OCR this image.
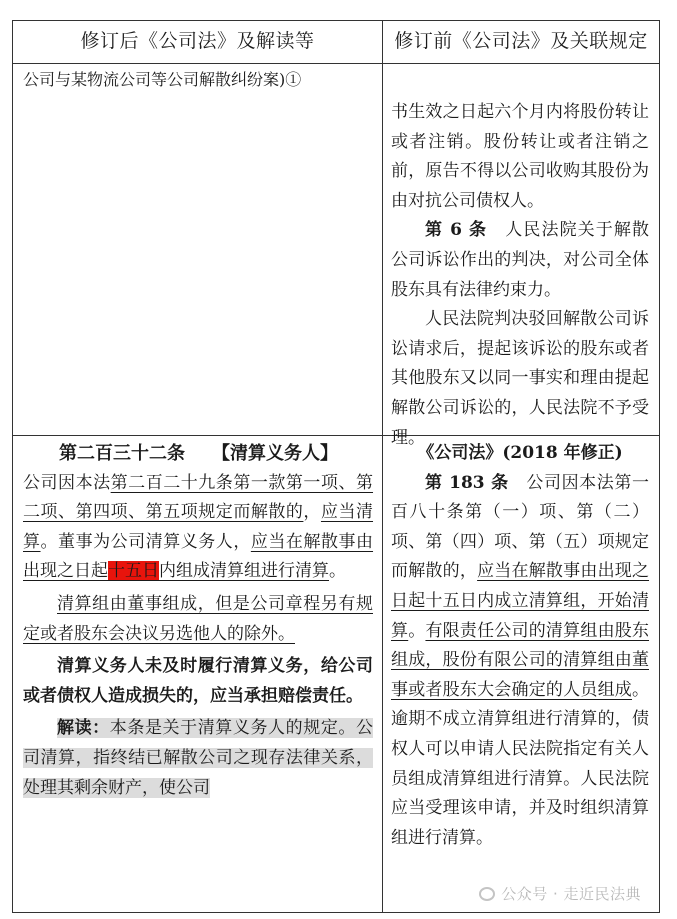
修订后《公司法》及解读等	修订前《公司法》及关联规定

公司与某物流公司等公司解散纠纷案)①

书生效之日起六个月内将股份转让或者注销。股份转让或者注销之前，原告不得以公司收购其股份为由对抗公司债权人。

第 6 条　 人民法院关于解散公司诉讼作出的判决，对公司全体股东具有法律约束力。

人民法院判决驳回解散公司诉讼请求后，提起该诉讼的股东或者其他股东又以同一事实和理由提起解散公司诉讼的，人民法院不予受理。

第二百三十二条　　 【清算义务人】

公司因本法第二百二十九条第一款第一项、第二项、第四项、第五项规定而解散的，应当清算。董事为公司清算义务人，应当在解散事由出现之日起十五日内组成清算组进行清算。

清算组由董事组成，但是公司章程另有规定或者股东会决议另选他人的除外。

清算义务人未及时履行清算义务，给公司或者债权人造成损失的，应当承担赔偿责任。

解读：本条是关于清算义务人的规定。公司清算，指终结已解散公司之现存法律关系，处理其剩余财产，使公司

《公司法》(2018 年修正)

第 183 条　 公司因本法第一百八十条第（一）项、第（二）项、第（四）项、第（五）项规定而解散的，应当在解散事由出现之日起十五日内成立清算组，开始清算。有限责任公司的清算组由股东组成，股份有限公司的清算组由董事或者股东大会确定的人员组成。逾期不成立清算组进行清算的，债权人可以申请人民法院指定有关人员组成清算组进行清算。人民法院应当受理该申请，并及时组织清算组进行清算。

公众号 · 走近民法典
